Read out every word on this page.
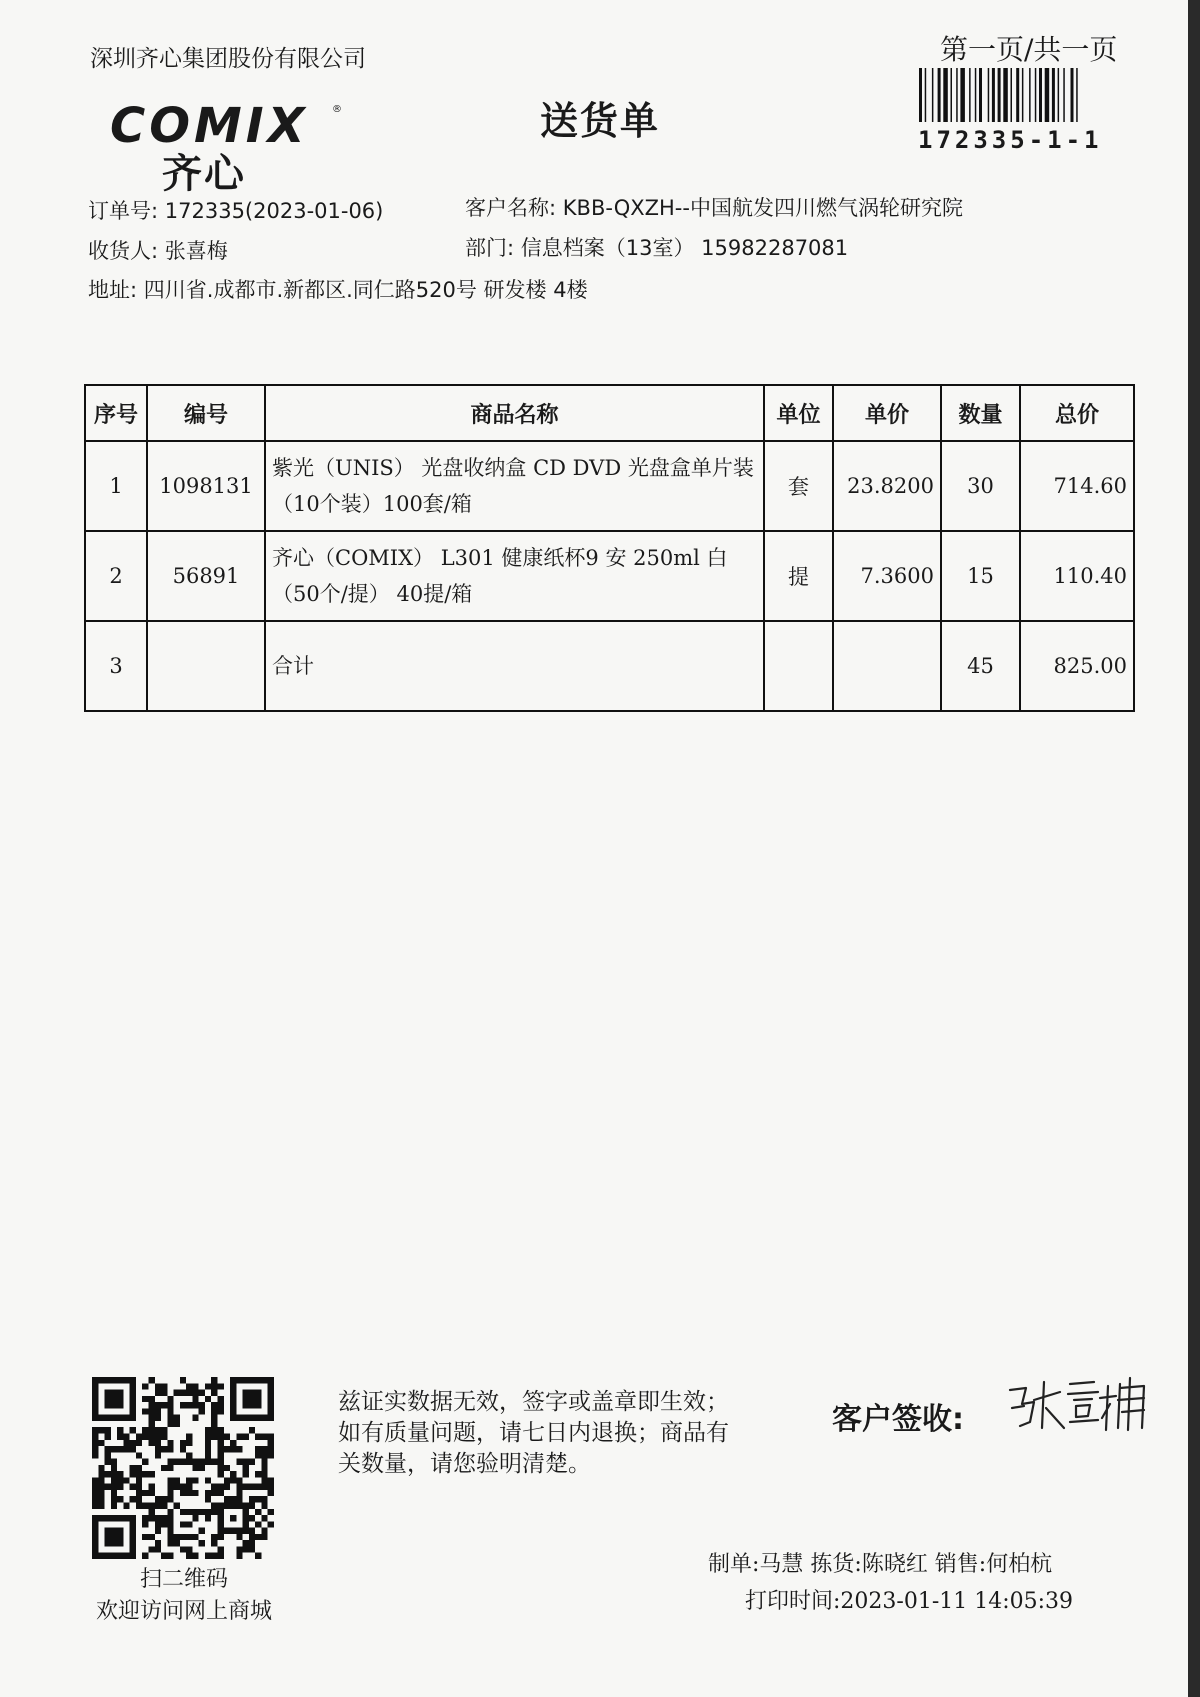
深圳齐心集团股份有限公司	第一页/共一页
172335-1-1
COMIX ®
齐心
送货单
订单号: 172335(2023-01-06)	客户名称: KBB-QXZH--中国航发四川燃气涡轮研究院
收货人: 张喜梅	部门: 信息档案（13室） 15982287081
地址: 四川省.成都市.新都区.同仁路520号 研发楼 4楼
序号	编号	商品名称	单位	单价	数量	总价
1	1098131	紫光（UNIS） 光盘收纳盒 CD DVD 光盘盒单片装（10个装）100套/箱	套	23.8200	30	714.60
2	56891	齐心（COMIX） L301 健康纸杯9 安 250ml 白（50个/提） 40提/箱	提	7.3600	15	110.40
3		合计			45	825.00
扫二维码
欢迎访问网上商城
兹证实数据无效，签字或盖章即生效；如有质量问题，请七日内退换；商品有关数量，请您验明清楚。
客户签收:
制单:马慧 拣货:陈晓红 销售:何柏杭
打印时间:2023-01-11 14:05:39
